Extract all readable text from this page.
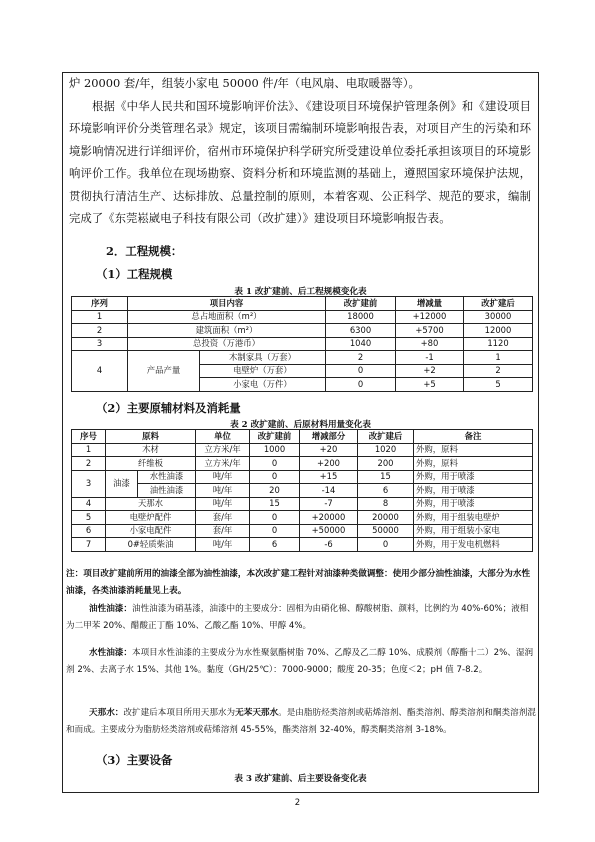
炉 20000 套/年，组装小家电 50000 件/年（电风扇、电取暖器等）。

根据《中华人民共和国环境影响评价法》、《建设项目环境保护管理条例》和《建设项目环境影响评价分类管理名录》规定，该项目需编制环境影响报告表，对项目产生的污染和环境影响情况进行详细评价，宿州市环境保护科学研究所受建设单位委托承担该项目的环境影响评价工作。我单位在现场勘察、资料分析和环境监测的基础上，遵照国家环境保护法规，贯彻执行清洁生产、达标排放、总量控制的原则，本着客观、公正科学、规范的要求，编制完成了《东莞崧崴电子科技有限公司（改扩建）》建设项目环境影响报告表。

2．工程规模：

（1）工程规模

表 1 改扩建前、后工程规模变化表
序列	项目内容		改扩建前	增减量	改扩建后
1	总占地面积（m²）		18000	+12000	30000
2	建筑面积（m²）		6300	+5700	12000
3	总投资（万港币）		1040	+80	1120
4	产品产量	木制家具（万套）	2	-1	1
		电壁炉（万套）	0	+2	2
		小家电（万件）	0	+5	5

（2）主要原辅材料及消耗量

表 2 改扩建前、后原材料用量变化表
序号	原料		单位	改扩建前	增减部分	改扩建后	备注
1	木材		立方米/年	1000	+20	1020	外购，原料
2	纤维板		立方米/年	0	+200	200	外购，原料
3	油漆	水性油漆	吨/年	0	+15	15	外购，用于喷漆
		油性油漆	吨/年	20	-14	6	外购，用于喷漆
4	天那水		吨/年	15	-7	8	外购，用于喷漆
5	电壁炉配件		套/年	0	+20000	20000	外购，用于组装电壁炉
6	小家电配件		套/年	0	+50000	50000	外购，用于组装小家电
7	0#轻质柴油		吨/年	6	-6	0	外购，用于发电机燃料

注：项目改扩建前所用的油漆全部为油性油漆，本次改扩建工程针对油漆种类做调整：使用少部分油性油漆，大部分为水性油漆，各类油漆消耗量见上表。

油性油漆：油性油漆为硝基漆，油漆中的主要成分：固相为由硝化棉、醇酸树脂、颜料，比例约为 40%-60%；液相为二甲苯 20%、醋酸正丁酯 10%、乙酸乙酯 10%、甲醇 4%。

水性油漆：本项目水性油漆的主要成分为水性聚氨酯树脂 70%、乙醇及乙二醇 10%、成膜剂（醇酯十二）2%、湿润剂 2%、去离子水 15%、其他 1%。黏度（GH/25℃）：7000-9000；酸度 20-35；色度＜2；pH 值 7-8.2。

天那水：改扩建后本项目所用天那水为无苯天那水。是由脂肪烃类溶剂或萜烯溶剂、酯类溶剂、醇类溶剂和酮类溶剂混和而成。主要成分为脂肪烃类溶剂或萜烯溶剂 45-55%，酯类溶剂 32-40%，醇类酮类溶剂 3-18%。

（3）主要设备

表 3 改扩建前、后主要设备变化表
2
